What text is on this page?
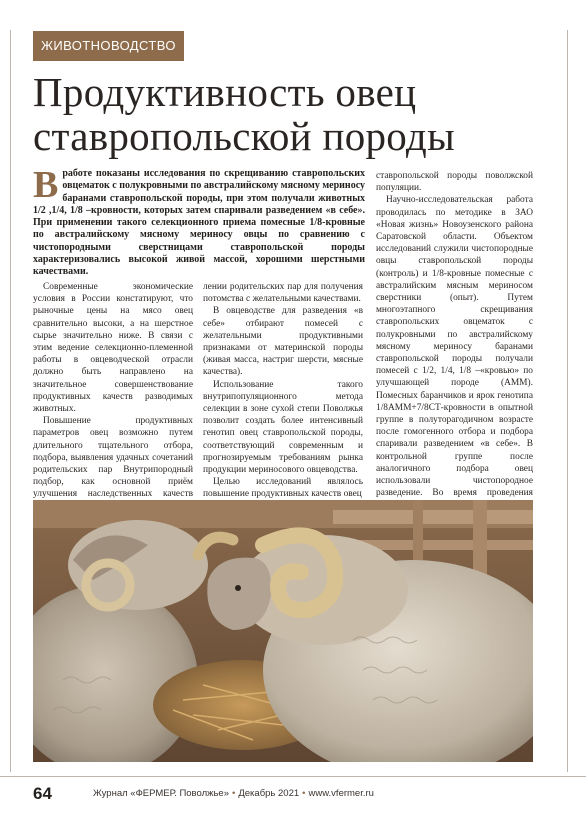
ЖИВОТНОВОДСТВО
Продуктивность овец ставропольской породы
Вработе показаны исследования по скрещиванию ставропольских овцематок с полукровными по австралийскому мясному мериносу баранами ставропольской породы, при этом получали животных 1/2 ,1/4, 1/8 –кровности, которых затем спаривали разведением «в себе». При применении такого селекционного приема помесные 1/8-кровные по австралийскому мясному мериносу овцы по сравнению с чистопородными сверстницами ставропольской породы характеризовались высокой живой массой, хорошими шерстными качествами.

Современные экономические условия в России констатируют, что рыночные цены на мясо овец сравнительно высоки, а на шерстное сырье значительно ниже. В связи с этим ведение селекционно-племенной работы в овцеводческой отрасли должно быть направлено на значительное совершенствование продуктивных качеств разводимых животных.

Повышение продуктивных параметров овец возможно путем длительного тщательного отбора, подбора, выявления удачных сочетаний родительских пар Внутрипородный подбор, как основной приём улучшения наследственных качеств

лении родительских пар для получения потомства с желательными качествами.

В овцеводстве для разведения «в себе» отбирают помесей с желательными продуктивными признаками от материнской породы (живая масса, настриг шерсти, мясные качества).

Использование такого внутрипопуляционного метода селекции в зоне сухой степи Поволжья позволит создать более интенсивный генотип овец ставропольской породы, соответствующий современным и прогнозируемым требованиям рынка продукции мериносового овцеводства.

Целью исследований являлось повышение продуктивных качеств овец

ставропольской породы поволжской популяции.

Научно-исследовательская работа проводилась по методике в ЗАО «Новая жизнь» Новоузенского района Саратовской области. Объектом исследований служили чистопородные овцы ставропольской породы (контроль) и 1/8-кровные помесные с австралийским мясным мериносом сверстники (опыт). Путем многоэтапного скрещивания ставропольских овцематок с полукровными по австралийскому мясному мериносу баранами ставропольской породы получали помесей с 1/2, 1/4, 1/8 –«кровью» по улучшающей породе (АММ). Помесных баранчиков и ярок генотипа 1/8АММ+7/8СТ-кровности в опытной группе в полуторагодичном возрасте после гомогенного отбора и подбора спаривали разведением «в себе». В контрольной группе после аналогичного подбора овец использовали чистопородное разведение. Во время проведения

64	Журнал «ФЕРМЕР. Поволжье» • Декабрь 2021 • www.vfermer.ru
